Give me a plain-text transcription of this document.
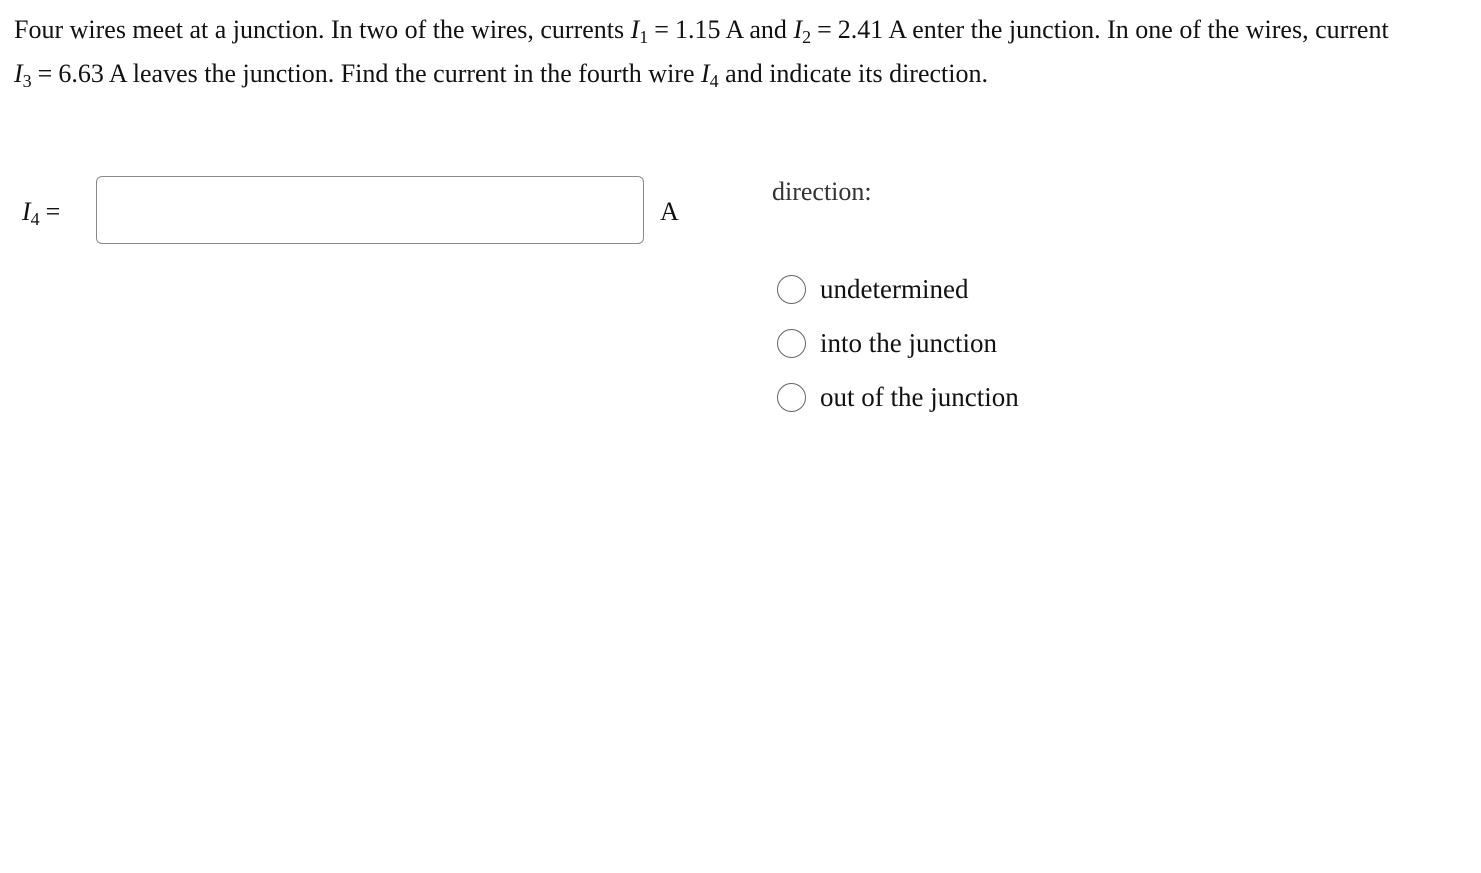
Four wires meet at a junction. In two of the wires, currents $I_1 = 1.15$ A and $I_2 = 2.41$ A enter the junction. In one of the wires, current $I_3 = 6.63$ A leaves the junction. Find the current in the fourth wire $I_4$ and indicate its direction.

$I_4$ =	A
direction:
undetermined
into the junction
out of the junction
